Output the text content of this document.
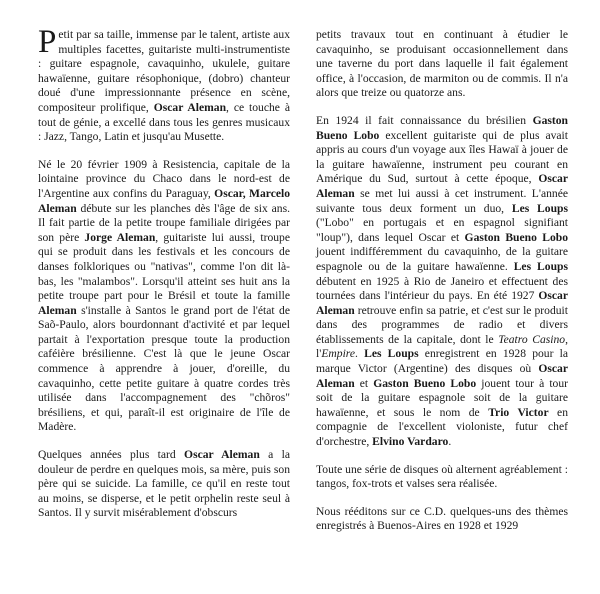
Petit par sa taille, immense par le talent, artiste aux multiples facettes, guitariste multi-instrumentiste : guitare espagnole, cavaquinho, ukulele, guitare hawaïenne, guitare résophonique, (dobro) chanteur doué d'une impressionnante présence en scène, compositeur prolifique, Oscar Aleman, ce touche à tout de génie, a excellé dans tous les genres musicaux : Jazz, Tango, Latin et jusqu'au Musette.

Né le 20 février 1909 à Resistencia, capitale de la lointaine province du Chaco dans le nord-est de l'Argentine aux confins du Paraguay, Oscar, Marcelo Aleman débute sur les planches dès l'âge de six ans. Il fait partie de la petite troupe familiale dirigées par son père Jorge Aleman, guitariste lui aussi, troupe qui se produit dans les festivals et les concours de danses folkloriques ou "nativas", comme l'on dit là-bas, les "malambos". Lorsqu'il atteint ses huit ans la petite troupe part pour le Brésil et toute la famille Aleman s'installe à Santos le grand port de l'état de Saõ-Paulo, alors bourdonnant d'activité et par lequel partait à l'exportation presque toute la production caféière brésilienne. C'est là que le jeune Oscar commence à apprendre à jouer, d'oreille, du cavaquinho, cette petite guitare à quatre cordes très utilisée dans l'accompagnement des "chõros" brésiliens, et qui, paraît-il est originaire de l'île de Madère.

Quelques années plus tard Oscar Aleman a la douleur de perdre en quelques mois, sa mère, puis son père qui se suicide. La famille, ce qu'il en reste tout au moins, se disperse, et le petit orphelin reste seul à Santos. Il y survit misérablement d'obscurs

petits travaux tout en continuant à étudier le cavaquinho, se produisant occasionnellement dans une taverne du port dans laquelle il fait également office, à l'occasion, de marmiton ou de commis. Il n'a alors que treize ou quatorze ans.

En 1924 il fait connaissance du brésilien Gaston Bueno Lobo excellent guitariste qui de plus avait appris au cours d'un voyage aux îles Hawaï à jouer de la guitare hawaïenne, instrument peu courant en Amérique du Sud, surtout à cette époque, Oscar Aleman se met lui aussi à cet instrument. L'année suivante tous deux forment un duo, Les Loups ("Lobo" en portugais et en espagnol signifiant "loup"), dans lequel Oscar et Gaston Bueno Lobo jouent indifféremment du cavaquinho, de la guitare espagnole ou de la guitare hawaïenne. Les Loups débutent en 1925 à Rio de Janeiro et effectuent des tournées dans l'intérieur du pays. En été 1927 Oscar Aleman retrouve enfin sa patrie, et c'est sur le produit dans des programmes de radio et divers établissements de la capitale, dont le Teatro Casino, l'Empire. Les Loups enregistrent en 1928 pour la marque Victor (Argentine) des disques où Oscar Aleman et Gaston Bueno Lobo jouent tour à tour soit de la guitare espagnole soit de la guitare hawaïenne, et sous le nom de Trio Victor en compagnie de l'excellent violoniste, futur chef d'orchestre, Elvino Vardaro.

Toute une série de disques où alternent agréablement : tangos, fox-trots et valses sera réalisée.

Nous rééditons sur ce C.D. quelques-uns des thèmes enregistrés à Buenos-Aires en 1928 et 1929
